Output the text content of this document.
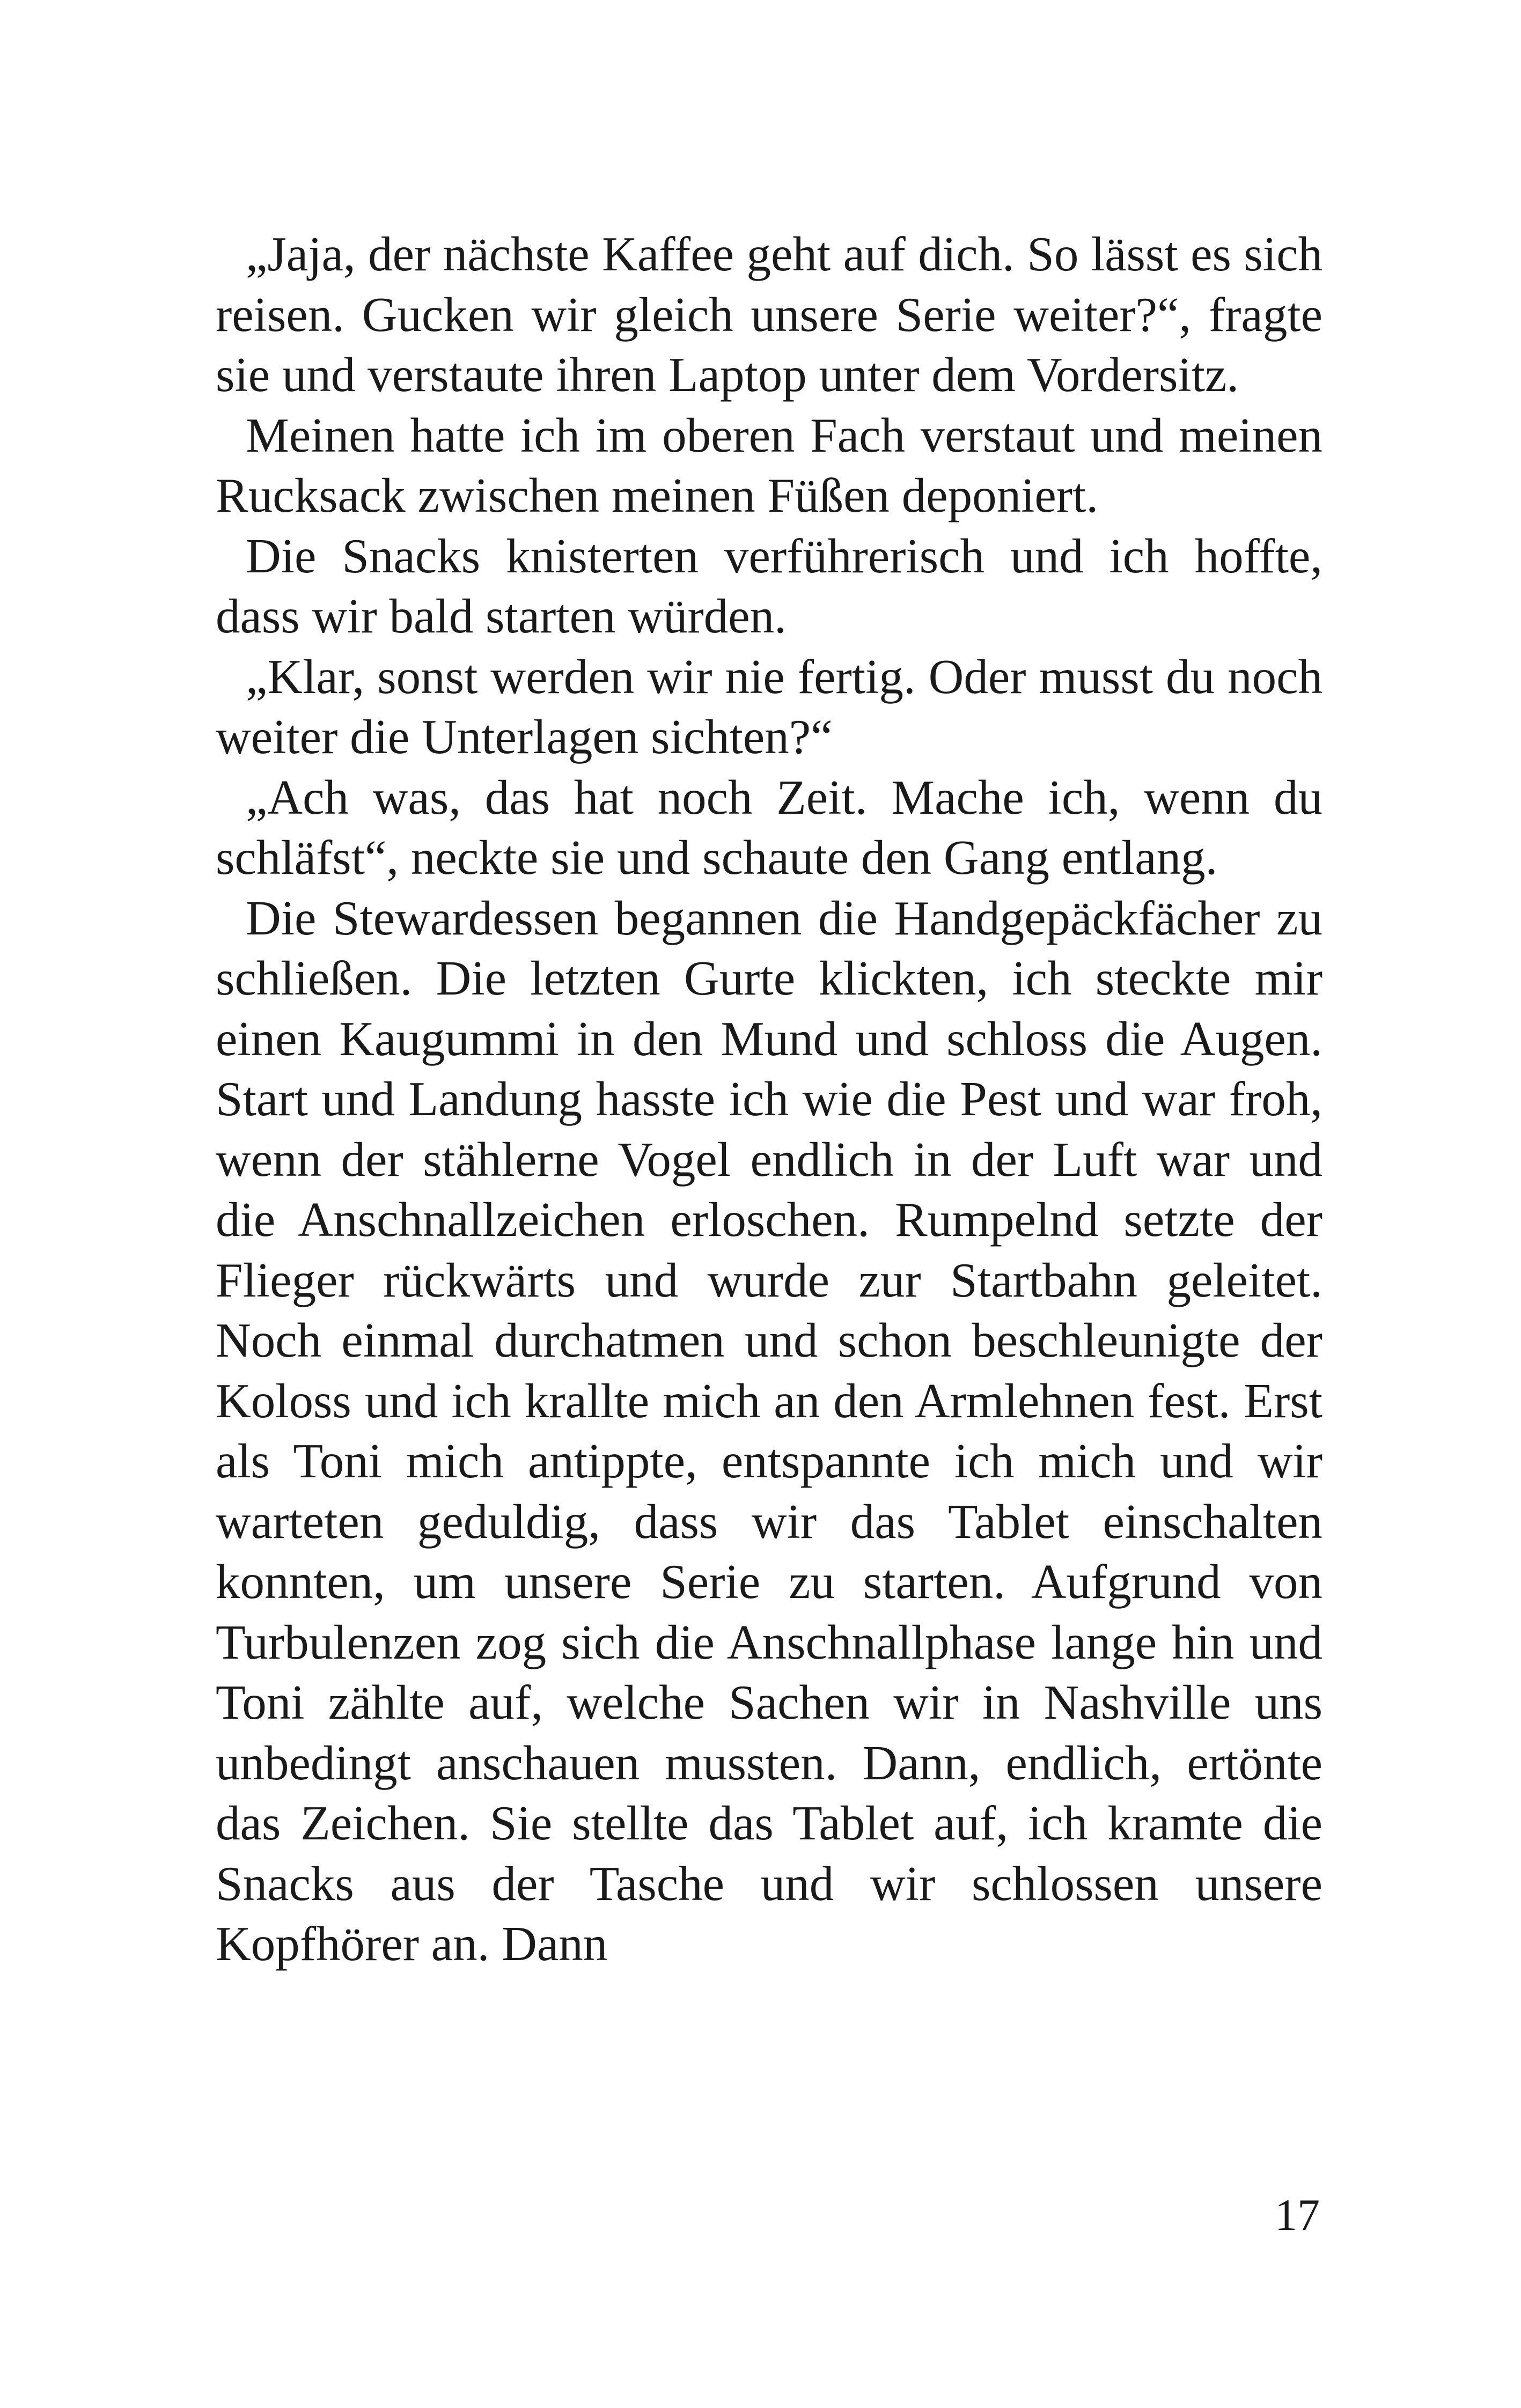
„Jaja, der nächste Kaffee geht auf dich. So lässt es sich reisen. Gucken wir gleich unsere Serie weiter?“, fragte sie und verstaute ihren Laptop unter dem Vordersitz.

Meinen hatte ich im oberen Fach verstaut und meinen Rucksack zwischen meinen Füßen deponiert.

Die Snacks knisterten verführerisch und ich hoffte, dass wir bald starten würden.

„Klar, sonst werden wir nie fertig. Oder musst du noch weiter die Unterlagen sichten?“

„Ach was, das hat noch Zeit. Mache ich, wenn du schläfst“, neckte sie und schaute den Gang entlang.

Die Stewardessen begannen die Handgepäckfächer zu schließen. Die letzten Gurte klickten, ich steckte mir einen Kaugummi in den Mund und schloss die Augen. Start und Landung hasste ich wie die Pest und war froh, wenn der stählerne Vogel endlich in der Luft war und die Anschnallzeichen erloschen. Rumpelnd setzte der Flieger rückwärts und wurde zur Startbahn geleitet. Noch einmal durchatmen und schon beschleunigte der Koloss und ich krallte mich an den Armlehnen fest. Erst als Toni mich antippte, entspannte ich mich und wir warteten geduldig, dass wir das Tablet einschalten konnten, um unsere Serie zu starten. Aufgrund von Turbulenzen zog sich die Anschnallphase lange hin und Toni zählte auf, welche Sachen wir in Nashville uns unbedingt anschauen mussten. Dann, endlich, ertönte das Zeichen. Sie stellte das Tablet auf, ich kramte die Snacks aus der Tasche und wir schlossen unsere Kopfhörer an. Dann

17
